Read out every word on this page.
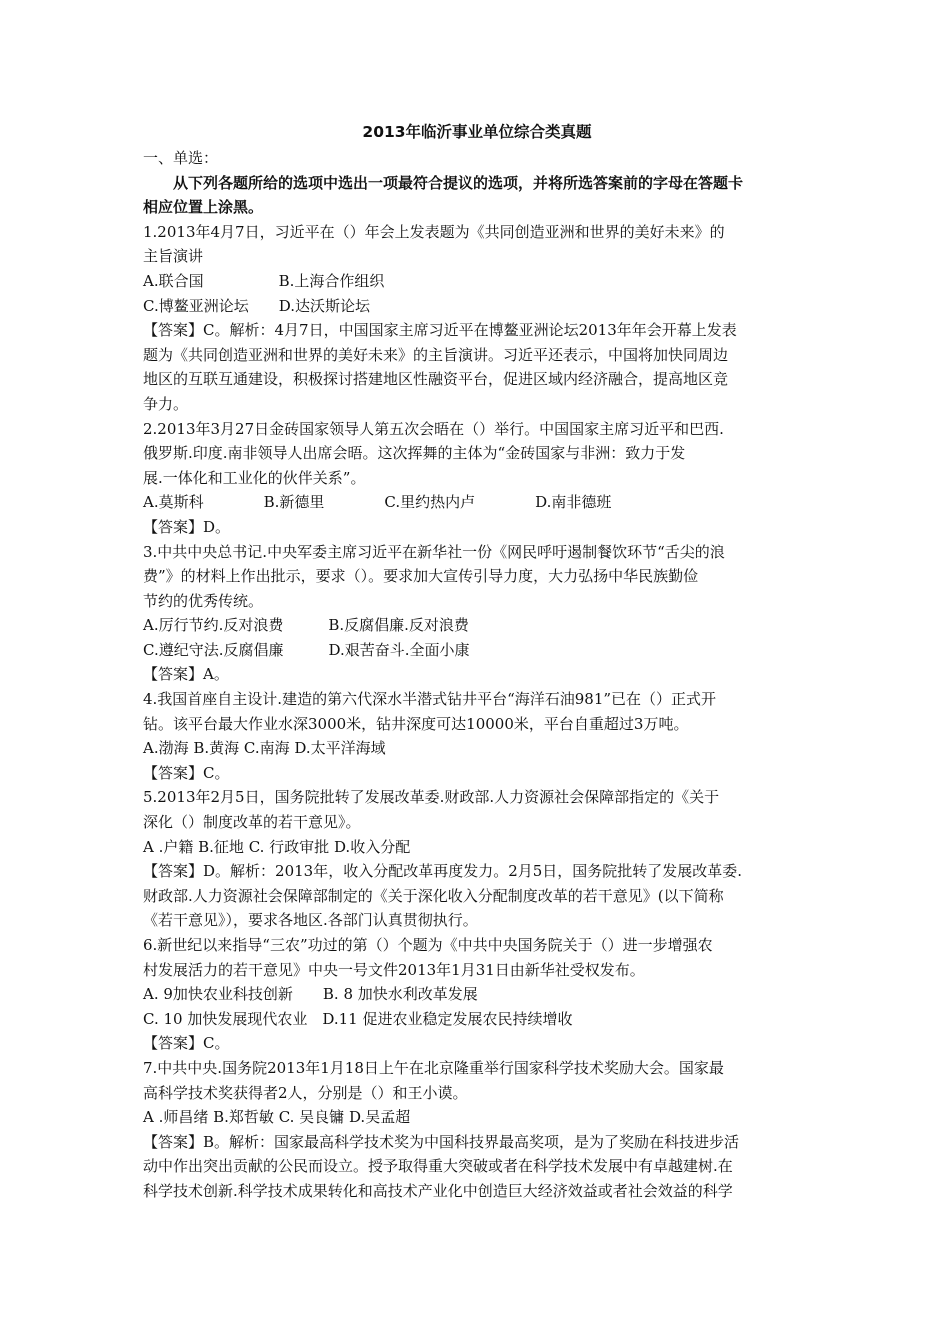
2013年临沂事业单位综合类真题
一、单选：
从下列各题所给的选项中选出一项最符合提议的选项，并将所选答案前的字母在答题卡
相应位置上涂黑。
1.2013年4月7日，习近平在（）年会上发表题为《共同创造亚洲和世界的美好未来》的
主旨演讲
A.联合国　　　　　B.上海合作组织
C.博鳌亚洲论坛　　D.达沃斯论坛
【答案】C。解析：4月7日，中国国家主席习近平在博鳌亚洲论坛2013年年会开幕上发表
题为《共同创造亚洲和世界的美好未来》的主旨演讲。习近平还表示，中国将加快同周边
地区的互联互通建设，积极探讨搭建地区性融资平台，促进区域内经济融合，提高地区竞
争力。
2.2013年3月27日金砖国家领导人第五次会晤在（）举行。中国国家主席习近平和巴西.
俄罗斯.印度.南非领导人出席会晤。这次挥舞的主体为“金砖国家与非洲：致力于发
展.一体化和工业化的伙伴关系”。
A.莫斯科　　　　B.新德里　　　　C.里约热内卢　　　　D.南非德班
【答案】D。
3.中共中央总书记.中央军委主席习近平在新华社一份《网民呼吁遏制餐饮环节“舌尖的浪
费”》的材料上作出批示，要求（）。要求加大宣传引导力度，大力弘扬中华民族勤俭
节约的优秀传统。
A.厉行节约.反对浪费　　　B.反腐倡廉.反对浪费
C.遵纪守法.反腐倡廉　　　D.艰苦奋斗.全面小康
【答案】A。
4.我国首座自主设计.建造的第六代深水半潜式钻井平台“海洋石油981”已在（）正式开
钻。该平台最大作业水深3000米，钻井深度可达10000米，平台自重超过3万吨。
A.渤海 B.黄海 C.南海 D.太平洋海域
【答案】C。
5.2013年2月5日，国务院批转了发展改革委.财政部.人力资源社会保障部指定的《关于
深化（）制度改革的若干意见》。
A .户籍 B.征地 C. 行政审批 D.收入分配
【答案】D。解析：2013年，收入分配改革再度发力。2月5日，国务院批转了发展改革委.
财政部.人力资源社会保障部制定的《关于深化收入分配制度改革的若干意见》(以下简称
《若干意见》），要求各地区.各部门认真贯彻执行。
6.新世纪以来指导“三农”功过的第（）个题为《中共中央国务院关于（）进一步增强农
村发展活力的若干意见》中央一号文件2013年1月31日由新华社受权发布。
A. 9加快农业科技创新　　B. 8 加快水利改革发展
C. 10 加快发展现代农业　D.11 促进农业稳定发展农民持续增收
【答案】C。
7.中共中央.国务院2013年1月18日上午在北京隆重举行国家科学技术奖励大会。国家最
高科学技术奖获得者2人，分别是（）和王小谟。
A .师昌绪 B.郑哲敏 C. 吴良镛 D.吴孟超
【答案】B。解析：国家最高科学技术奖为中国科技界最高奖项，是为了奖励在科技进步活
动中作出突出贡献的公民而设立。授予取得重大突破或者在科学技术发展中有卓越建树.在
科学技术创新.科学技术成果转化和高技术产业化中创造巨大经济效益或者社会效益的科学
